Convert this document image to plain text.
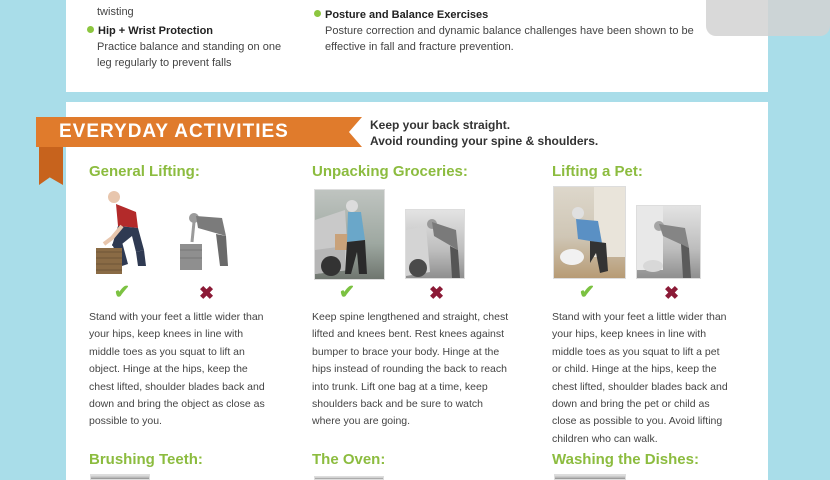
twisting
Hip + Wrist Protection
Practice balance and standing on one
leg regularly to prevent falls
Posture and Balance Exercises
Posture correction and dynamic balance challenges have been shown to be
effective in fall and fracture prevention.
EVERYDAY ACTIVITIES	Keep your back straight.
Avoid rounding your spine & shoulders.
General Lifting:
✔	✖
Stand with your feet a little wider than
your hips, keep knees in line with
middle toes as you squat to lift an
object. Hinge at the hips, keep the
chest lifted, shoulder blades back and
down and bring the object as close as
possible to you.
Unpacking Groceries:
✔	✖
Keep spine lengthened and straight, chest
lifted and knees bent. Rest knees against
bumper to brace your body. Hinge at the
hips instead of rounding the back to reach
into trunk. Lift one bag at a time, keep
shoulders back and be sure to watch
where you are going.
Lifting a Pet:
✔	✖
Stand with your feet a little wider than
your hips, keep knees in line with
middle toes as you squat to lift a pet
or child. Hinge at the hips, keep the
chest lifted, shoulder blades back and
down and bring the pet or child as
close as possible to you. Avoid lifting
children who can walk.
Brushing Teeth:	The Oven:	Washing the Dishes:
